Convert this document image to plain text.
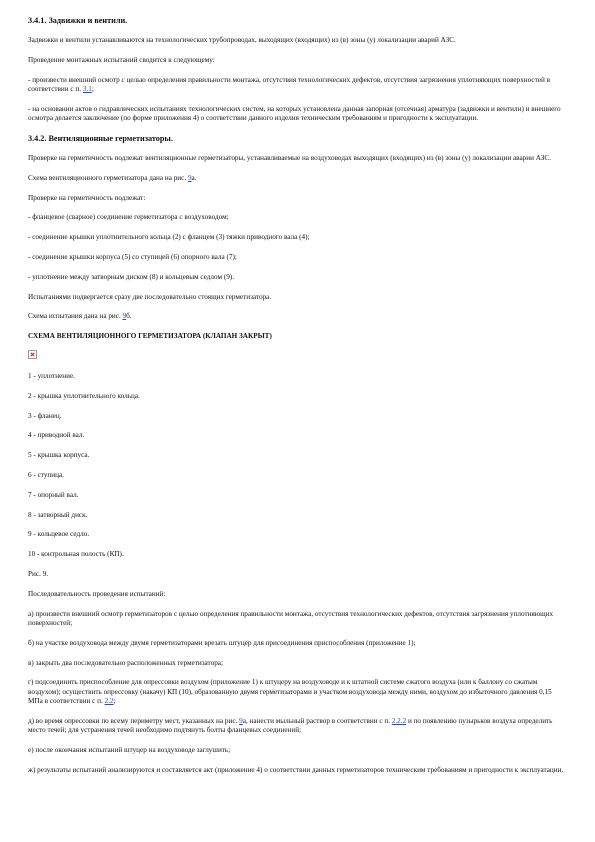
3.4.1. Задвижки и вентили.
Задвижки и вентили устанавливаются на технологических трубопроводах, выходящих (входящих) из (в) зоны (у) локализации аварий АЗС.
Проведение монтажных испытаний сводится к следующему:
- произвести внешний осмотр с целью определения правильности монтажа, отсутствия технологических дефектов, отсутствия загрязнения уплотняющих поверхностей в соответствии с п. 3.1;
- на основании актов о гидравлических испытаниях технологических систем, на которых установлена данная запорная (отсечная) арматура (задвижки и вентили) и внешнего осмотра делается заключение (по форме приложения 4) о соответствии данного изделия техническим требованиям и пригодности к эксплуатации.
3.4.2. Вентиляционные герметизаторы.
Проверке на герметичность подлежат вентиляционные герметизаторы, устанавливаемые на воздуховодах выходящих (входящих) из (в) зоны (у) локализации аварии АЗС.
Схема вентиляционного герметизатора дана на рис. 9а.
Проверке на герметичность подлежат:
- фланцевое (сварное) соединение герметизатора с воздуховодом;
- соединение крышки уплотнительного кольца (2) с фланцем (3) тяжки приводного вала (4);
- соединение крышки корпуса (5) со ступицей (6) опорного вала (7);
- уплотнение между затворным диском (8) и кольцевым седлом (9).
Испытаниями подвергается сразу две последовательно стоящих герметизатора.
Схема испытания дана на рис. 9б.
СХЕМА ВЕНТИЛЯЦИОННОГО ГЕРМЕТИЗАТОРА (КЛАПАН ЗАКРЫТ)
1 - уплотнение.
2 - крышка уплотнительного кольца.
3 - фланец.
4 - приводной вал.
5 - крышка корпуса.
6 - ступица.
7 - опорный вал.
8 - затворный диск.
9 - кольцевое седло.
10 - контрольная полость (КП).
Рис. 9.
Последовательность проведения испытаний:
а) произвести внешний осмотр герметизаторов с целью определения правильности монтажа, отсутствия технологических дефектов, отсутствия загрязнения уплотняющих поверхностей;
б) на участке воздуховода между двумя герметизаторами врезать штуцер для присоединения приспособления (приложение 1);
в) закрыть два последовательно расположенных герметизатора;
г) подсоединить приспособление для опрессовки воздухом (приложение 1) к штуцеру на воздуховоде и к штатной системе сжатого воздуха (или к баллону со сжатым воздухом); осуществить опрессовку (накачу) КП (10), образованную двумя герметизаторами и участком воздуховода между ними, воздухом до избыточного давления 0,15 МПа в соответствии с п. 2.2;
д) во время опрессовки по всему периметру мест, указанных на рис. 9а, нанести мыльный раствор в соответствии с п. 2.2.2 и по появлению пузырьков воздуха определить место течей; для устранения течей необходимо подтянуть болты фланцевых соединений;
е) после окончания испытаний штуцер на воздуховоде заглушить;
ж) результаты испытаний анализируются и составляется акт (приложение 4) о соответствии данных герметизаторов техническим требованиям и пригодности к эксплуатации.
